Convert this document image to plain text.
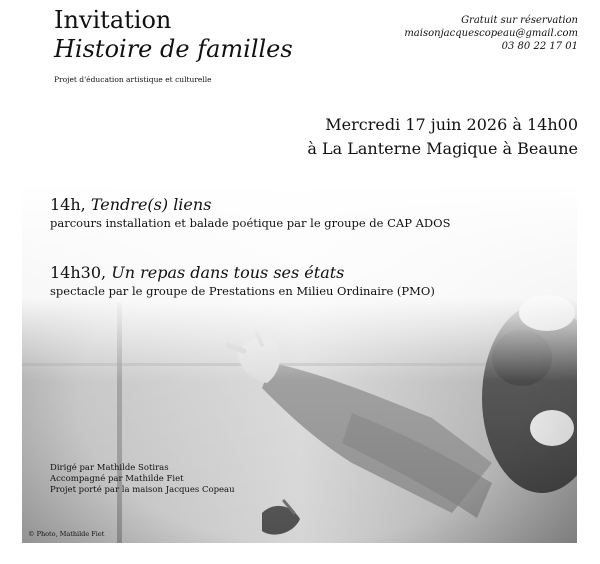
Invitation
Histoire de familles
Projet d'éducation artistique et culturelle
Gratuit sur réservation
maisonjacquescopeau@gmail.com
03 80 22 17 01
Mercredi 17 juin 2026 à 14h00
à La Lanterne Magique à Beaune
14h, Tendre(s) liens
parcours installation et balade poétique par le groupe de CAP ADOS
14h30, Un repas dans tous ses états
spectacle par le groupe de Prestations en Milieu Ordinaire (PMO)
Dirigé par Mathilde Sotiras
Accompagné par Mathilde Fiet
Projet porté par la maison Jacques Copeau
© Photo, Mathilde Fiet
